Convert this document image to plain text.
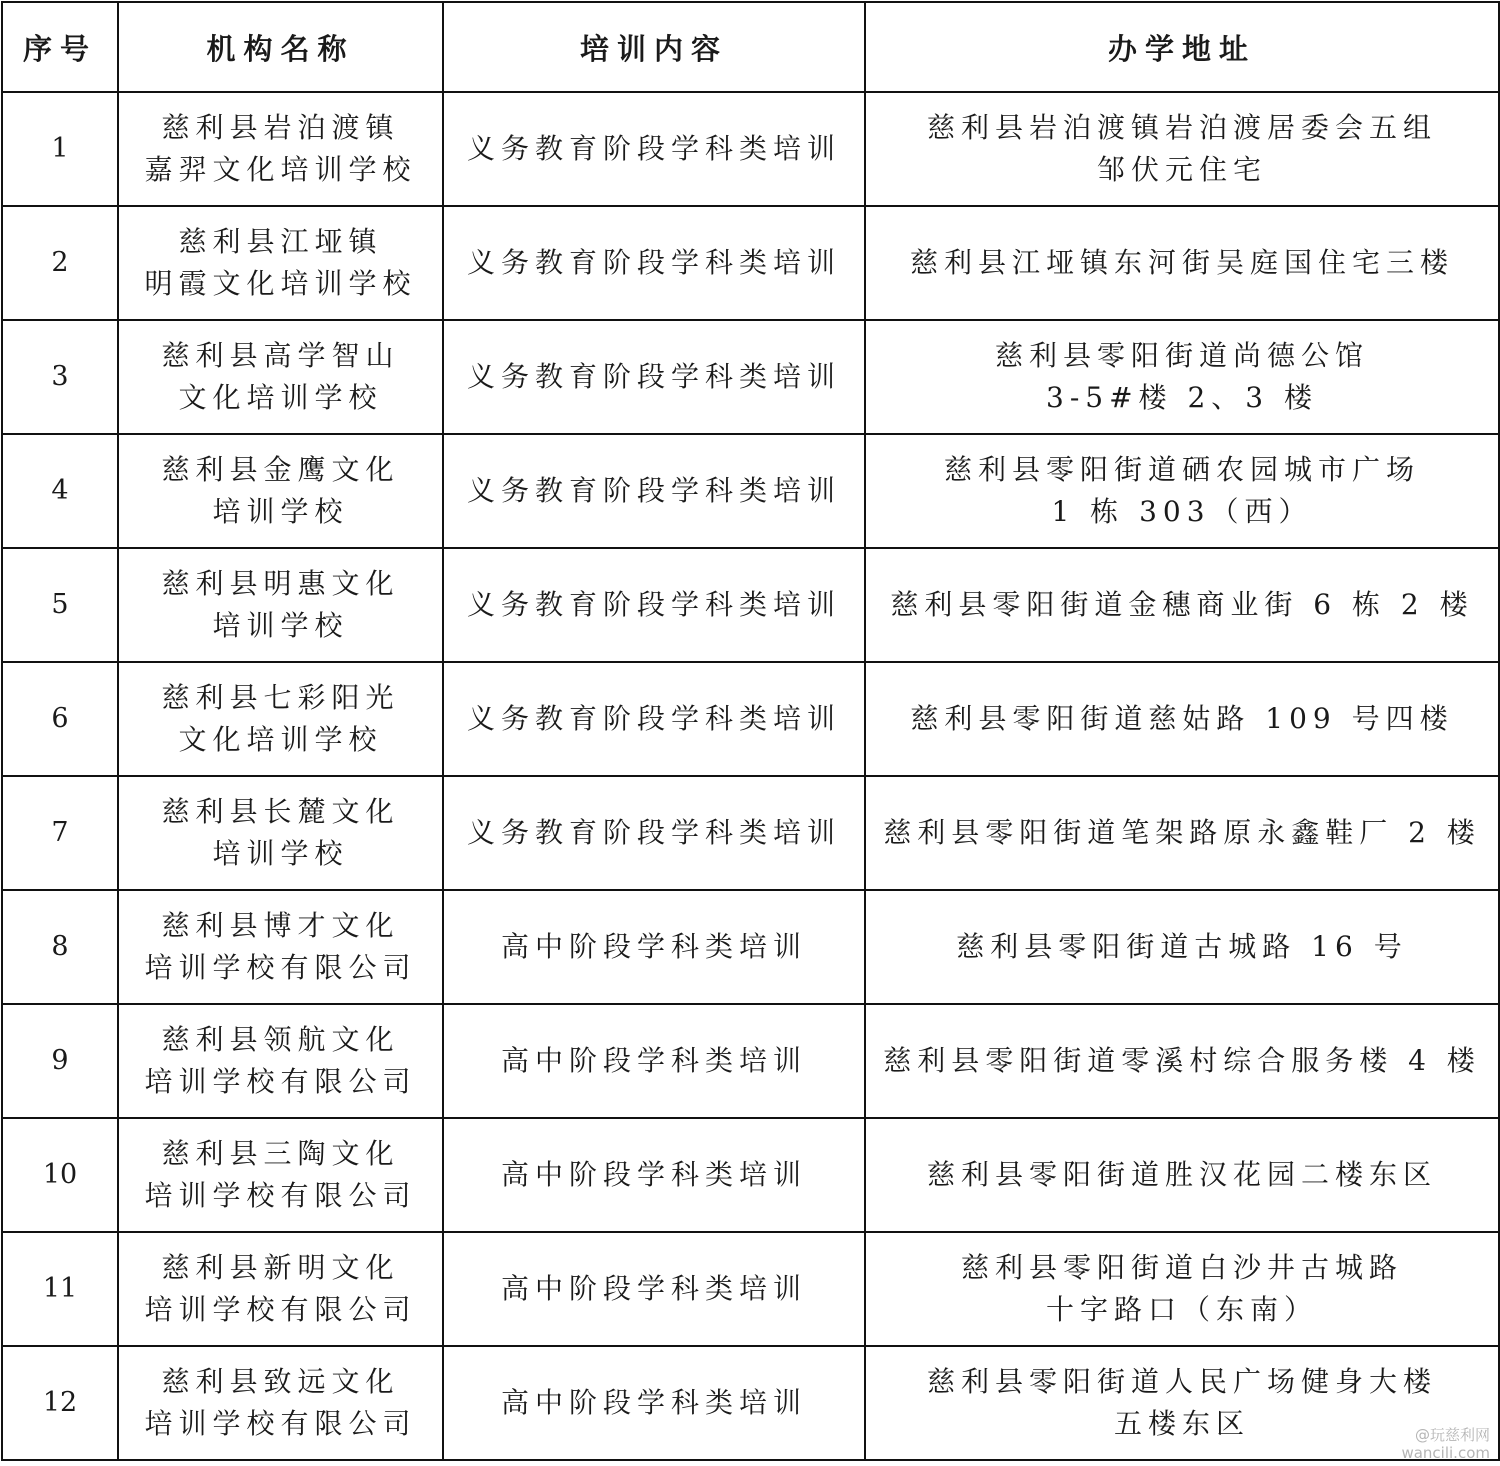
序号	机构名称	培训内容	办学地址
1	慈利县岩泊渡镇
嘉羿文化培训学校	义务教育阶段学科类培训	慈利县岩泊渡镇岩泊渡居委会五组
邹伏元住宅

2	慈利县江垭镇
明霞文化培训学校	义务教育阶段学科类培训	慈利县江垭镇东河街吴庭国住宅三楼

3	慈利县高学智山
文化培训学校	义务教育阶段学科类培训	慈利县零阳街道尚德公馆
3-5#楼 2、3 楼

4	慈利县金鹰文化
培训学校	义务教育阶段学科类培训	慈利县零阳街道硒农园城市广场
1 栋 303（西）

5	慈利县明惠文化
培训学校	义务教育阶段学科类培训	慈利县零阳街道金穗商业街 6 栋 2 楼

6	慈利县七彩阳光
文化培训学校	义务教育阶段学科类培训	慈利县零阳街道慈姑路 109 号四楼

7	慈利县长麓文化
培训学校	义务教育阶段学科类培训	慈利县零阳街道笔架路原永鑫鞋厂 2 楼

8	慈利县博才文化
培训学校有限公司	高中阶段学科类培训	慈利县零阳街道古城路 16 号

9	慈利县领航文化
培训学校有限公司	高中阶段学科类培训	慈利县零阳街道零溪村综合服务楼 4 楼

10	慈利县三陶文化
培训学校有限公司	高中阶段学科类培训	慈利县零阳街道胜汉花园二楼东区

11	慈利县新明文化
培训学校有限公司	高中阶段学科类培训	慈利县零阳街道白沙井古城路
十字路口（东南）

12	慈利县致远文化
培训学校有限公司	高中阶段学科类培训	慈利县零阳街道人民广场健身大楼
五楼东区	@玩慈利网
wancili.com
